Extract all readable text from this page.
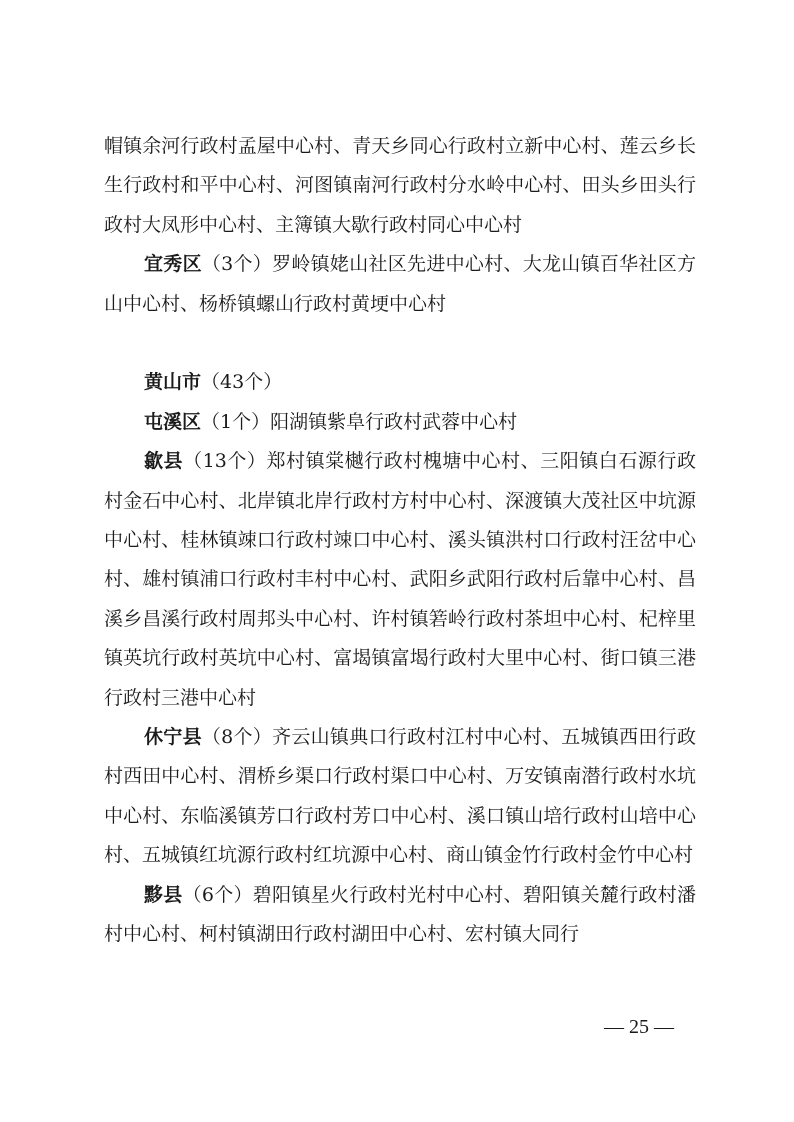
帽镇余河行政村孟屋中心村、青天乡同心行政村立新中心村、莲云乡长生行政村和平中心村、河图镇南河行政村分水岭中心村、田头乡田头行政村大凤形中心村、主簿镇大歇行政村同心中心村

宜秀区（3个）罗岭镇姥山社区先进中心村、大龙山镇百华社区方山中心村、杨桥镇螺山行政村黄埂中心村

黄山市（43个）

屯溪区（1个）阳湖镇紫阜行政村武蓉中心村

歙县（13个）郑村镇棠樾行政村槐塘中心村、三阳镇白石源行政村金石中心村、北岸镇北岸行政村方村中心村、深渡镇大茂社区中坑源中心村、桂林镇竦口行政村竦口中心村、溪头镇洪村口行政村汪岔中心村、雄村镇浦口行政村丰村中心村、武阳乡武阳行政村后靠中心村、昌溪乡昌溪行政村周邦头中心村、许村镇箬岭行政村茶坦中心村、杞梓里镇英坑行政村英坑中心村、富堨镇富堨行政村大里中心村、街口镇三港行政村三港中心村

休宁县（8个）齐云山镇典口行政村江村中心村、五城镇西田行政村西田中心村、渭桥乡渠口行政村渠口中心村、万安镇南潜行政村水坑中心村、东临溪镇芳口行政村芳口中心村、溪口镇山培行政村山培中心村、五城镇红坑源行政村红坑源中心村、商山镇金竹行政村金竹中心村

黟县（6个）碧阳镇星火行政村光村中心村、碧阳镇关麓行政村潘村中心村、柯村镇湖田行政村湖田中心村、宏村镇大同行

— 25 —
